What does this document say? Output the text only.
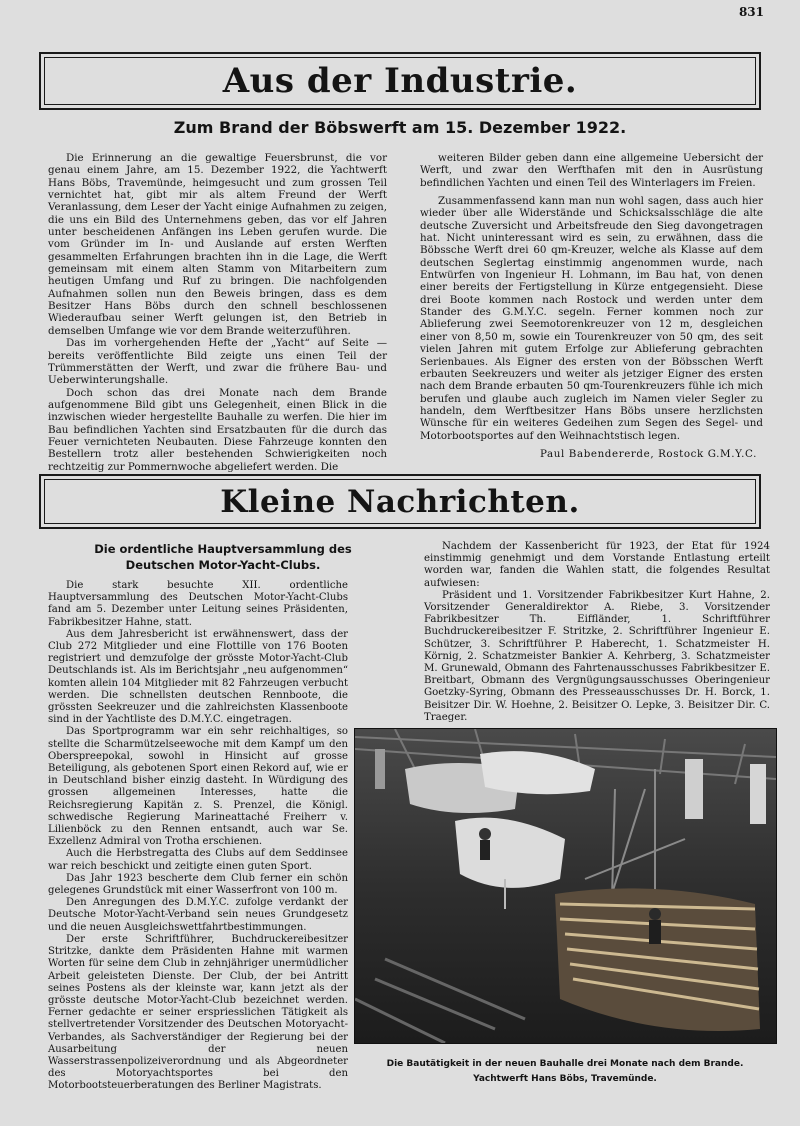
831
Aus der Industrie.
Zum Brand der Böbswerft am 15. Dezember 1922.

Die Erinnerung an die gewaltige Feuersbrunst, die vor genau einem Jahre, am 15. Dezember 1922, die Yachtwerft Hans Böbs, Travemünde, heimgesucht und zum grossen Teil vernichtet hat, gibt mir als altem Freund der Werft Veranlassung, dem Leser der Yacht einige Aufnahmen zu zeigen, die uns ein Bild des Unternehmens geben, das vor elf Jahren unter bescheidenen Anfängen ins Leben gerufen wurde. Die vom Gründer im In- und Auslande auf ersten Werften gesammelten Erfahrungen brachten ihn in die Lage, die Werft gemeinsam mit einem alten Stamm von Mitarbeitern zum heutigen Umfang und Ruf zu bringen. Die nachfolgenden Aufnahmen sollen nun den Beweis bringen, dass es dem Besitzer Hans Böbs durch den schnell beschlossenen Wiederaufbau seiner Werft gelungen ist, den Betrieb in demselben Umfange wie vor dem Brande weiterzuführen.

Das im vorhergehenden Hefte der „Yacht“ auf Seite — bereits veröffentlichte Bild zeigte uns einen Teil der Trümmerstätten der Werft, und zwar die frühere Bau- und Ueberwinterungshalle.

Doch schon das drei Monate nach dem Brande aufgenommene Bild gibt uns Gelegenheit, einen Blick in die inzwischen wieder hergestellte Bauhalle zu werfen. Die hier im Bau befindlichen Yachten sind Ersatzbauten für die durch das Feuer vernichteten Neubauten. Diese Fahrzeuge konnten den Bestellern trotz aller bestehenden Schwierigkeiten noch rechtzeitig zur Pommernwoche abgeliefert werden. Die

weiteren Bilder geben dann eine allgemeine Uebersicht der Werft, und zwar den Werfthafen mit den in Ausrüstung befindlichen Yachten und einen Teil des Winterlagers im Freien.

Zusammenfassend kann man nun wohl sagen, dass auch hier wieder über alle Widerstände und Schicksalsschläge die alte deutsche Zuversicht und Arbeitsfreude den Sieg davongetragen hat. Nicht uninteressant wird es sein, zu erwähnen, dass die Böbssche Werft drei 60 qm-Kreuzer, welche als Klasse auf dem deutschen Seglertag einstimmig angenommen wurde, nach Entwürfen von Ingenieur H. Lohmann, im Bau hat, von denen einer bereits der Fertigstellung in Kürze entgegensieht. Diese drei Boote kommen nach Rostock und werden unter dem Stander des G.M.Y.C. segeln. Ferner kommen noch zur Ablieferung zwei Seemotorenkreuzer von 12 m, desgleichen einer von 8,50 m, sowie ein Tourenkreuzer von 50 qm, des seit vielen Jahren mit gutem Erfolge zur Ablieferung gebrachten Serienbaues. Als Eigner des ersten von der Böbsschen Werft erbauten Seekreuzers und weiter als jetziger Eigner des ersten nach dem Brande erbauten 50 qm-Tourenkreuzers fühle ich mich berufen und glaube auch zugleich im Namen vieler Segler zu handeln, dem Werftbesitzer Hans Böbs unsere herzlichsten Wünsche für ein weiteres Gedeihen zum Segen des Segel- und Motorbootsportes auf den Weihnachtstisch legen.

Paul Babendererde, Rostock G.M.Y.C.

Kleine Nachrichten.
Die ordentliche Hauptversammlung des
Deutschen Motor-Yacht-Clubs.

Die stark besuchte XII. ordentliche Hauptversammlung des Deutschen Motor-Yacht-Clubs fand am 5. Dezember unter Leitung seines Präsidenten, Fabrikbesitzer Hahne, statt.

Aus dem Jahresbericht ist erwähnenswert, dass der Club 272 Mitglieder und eine Flottille von 176 Booten registriert und demzufolge der grösste Motor-Yacht-Club Deutschlands ist. Als im Berichtsjahr „neu aufgenommen“ komten allein 104 Mitglieder mit 82 Fahrzeugen verbucht werden. Die schnellsten deutschen Rennboote, die grössten Seekreuzer und die zahlreichsten Klassenboote sind in der Yachtliste des D.M.Y.C. eingetragen.

Das Sportprogramm war ein sehr reichhaltiges, so stellte die Scharmützelseewoche mit dem Kampf um den Oberspreepokal, sowohl in Hinsicht auf grosse Beteiligung, als gebotenen Sport einen Rekord auf, wie er in Deutschland bisher einzig dasteht. In Würdigung des grossen allgemeinen Interesses, hatte die Reichsregierung Kapitän z. S. Prenzel, die Königl. schwedische Regierung Marineattaché Freiherr v. Lilienböck zu den Rennen entsandt, auch war Se. Exzellenz Admiral von Trotha erschienen.

Auch die Herbstregatta des Clubs auf dem Seddinsee war reich beschickt und zeitigte einen guten Sport.

Das Jahr 1923 bescherte dem Club ferner ein schön gelegenes Grundstück mit einer Wasserfront von 100 m.

Den Anregungen des D.M.Y.C. zufolge verdankt der Deutsche Motor-Yacht-Verband sein neues Grundgesetz und die neuen Ausgleichswettfahrtbestimmungen.

Der erste Schriftführer, Buchdruckereibesitzer Stritzke, dankte dem Präsidenten Hahne mit warmen Worten für seine dem Club in zehnjähriger unermüdlicher Arbeit geleisteten Dienste. Der Club, der bei Antritt seines Postens als der kleinste war, kann jetzt als der grösste deutsche Motor-Yacht-Club bezeichnet werden. Ferner gedachte er seiner erspriesslichen Tätigkeit als stellvertretender Vorsitzender des Deutschen Motoryacht-Verbandes, als Sachverständiger der Regierung bei der Ausarbeitung der neuen Wasserstrassenpolizeiverordnung und als Abgeordneter des Motoryachtsportes bei den Motorbootsteuerberatungen des Berliner Magistrats.

Nachdem der Kassenbericht für 1923, der Etat für 1924 einstimmig genehmigt und dem Vorstande Entlastung erteilt worden war, fanden die Wahlen statt, die folgendes Resultat aufwiesen:

Präsident und 1. Vorsitzender Fabrikbesitzer Kurt Hahne, 2. Vorsitzender Generaldirektor A. Riebe, 3. Vorsitzender Fabrikbesitzer Th. Eiffländer, 1. Schriftführer Buchdruckereibesitzer F. Stritzke, 2. Schriftführer Ingenieur E. Schützer, 3. Schriftführer P. Haberecht, 1. Schatzmeister H. Körnig, 2. Schatzmeister Bankier A. Kehrberg, 3. Schatzmeister M. Grunewald, Obmann des Fahrtenausschusses Fabrikbesitzer E. Breitbart, Obmann des Vergnügungsausschusses Oberingenieur Goetzky-Syring, Obmann des Presseausschusses Dr. H. Borck, 1. Beisitzer Dir. W. Hoehne, 2. Beisitzer O. Lepke, 3. Beisitzer Dir. C. Traeger.

Die Bautätigkeit in der neuen Bauhalle drei Monate nach dem Brande.
Yachtwerft Hans Böbs, Travemünde.
